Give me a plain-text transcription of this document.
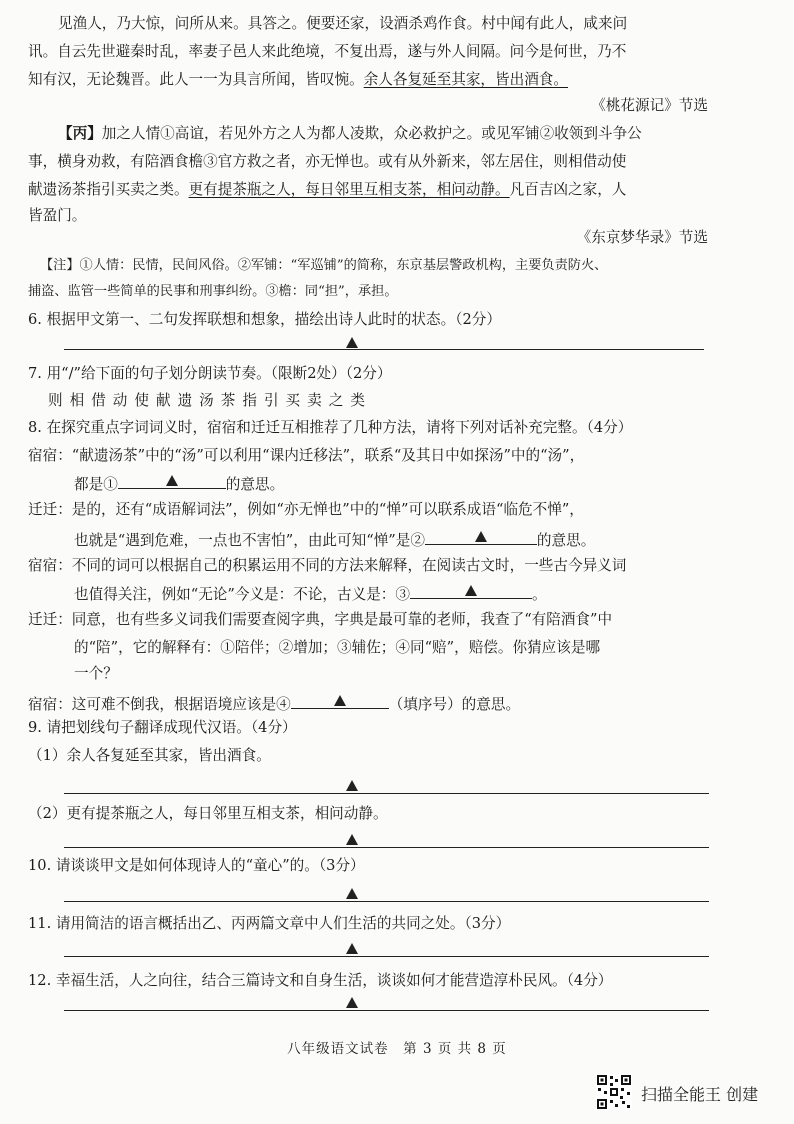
见渔人，乃大惊，问所从来。具答之。便要还家，设酒杀鸡作食。村中闻有此人，咸来问
讯。自云先世避秦时乱，率妻子邑人来此绝境，不复出焉，遂与外人间隔。问今是何世，乃不
知有汉，无论魏晋。此人一一为具言所闻，皆叹惋。余人各复延至其家，皆出酒食。
《桃花源记》节选
【丙】加之人情①高谊，若见外方之人为都人凌欺，众必救护之。或见军铺②收领到斗争公
事，横身劝救，有陪酒食檐③官方救之者，亦无惮也。或有从外新来，邻左居住，则相借动使
献遗汤茶指引买卖之类。更有提茶瓶之人，每日邻里互相支茶，相问动静。凡百吉凶之家，人
皆盈门。
《东京梦华录》节选
【注】①人情：民情，民间风俗。②军铺：“军巡铺”的简称，东京基层警政机构，主要负责防火、
捕盗、监管一些简单的民事和刑事纠纷。③檐：同“担”，承担。
6. 根据甲文第一、二句发挥联想和想象，描绘出诗人此时的状态。（2分）
7. 用“/”给下面的句子划分朗读节奏。（限断2处）（2分）
则相借动使献遗汤茶指引买卖之类
8. 在探究重点字词词义时，宿宿和迁迁互相推荐了几种方法，请将下列对话补充完整。（4分）
宿宿：“献遗汤茶”中的“汤”可以利用“课内迁移法”，联系“及其日中如探汤”中的“汤”，
都是①	的意思。
迁迁：是的，还有“成语解词法”，例如“亦无惮也”中的“惮”可以联系成语“临危不惮”，
也就是“遇到危难，一点也不害怕”，由此可知“惮”是②	的意思。
宿宿：不同的词可以根据自己的积累运用不同的方法来解释，在阅读古文时，一些古今异义词
也值得关注，例如“无论”今义是：不论，古义是：③	。
迁迁：同意，也有些多义词我们需要查阅字典，字典是最可靠的老师，我查了“有陪酒食”中
的“陪”，它的解释有：①陪伴；②增加；③辅佐；④同“赔”，赔偿。你猜应该是哪
一个？
宿宿：这可难不倒我，根据语境应该是④	（填序号）的意思。
9. 请把划线句子翻译成现代汉语。（4分）
（1）余人各复延至其家，皆出酒食。
（2）更有提茶瓶之人，每日邻里互相支茶，相问动静。
10. 请谈谈甲文是如何体现诗人的“童心”的。（3分）
11. 请用简洁的语言概括出乙、丙两篇文章中人们生活的共同之处。（3分）
12. 幸福生活，人之向往，结合三篇诗文和自身生活，谈谈如何才能营造淳朴民风。（4分）
八年级语文试卷　第 3 页 共 8 页
扫描全能王 创建
